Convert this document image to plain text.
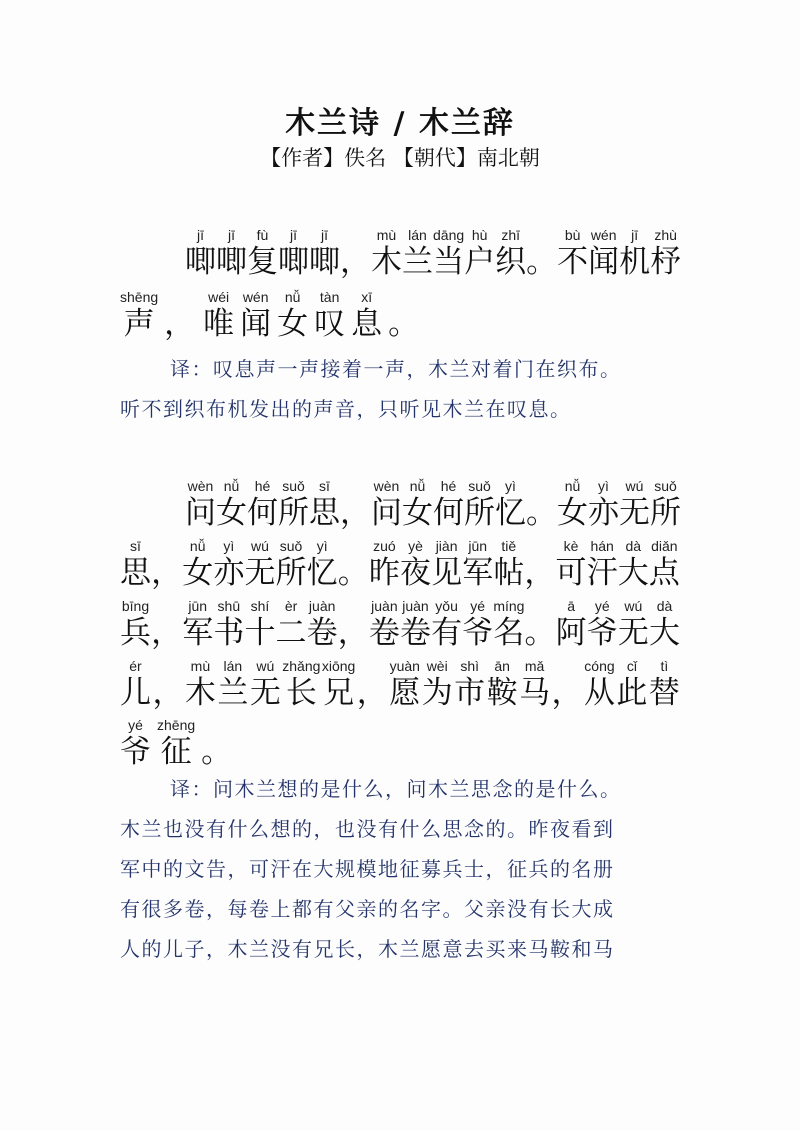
木兰诗 / 木兰辞
【作者】佚名 【朝代】南北朝
jī
唧
jī
唧
fù
复
jī
唧
jī
唧 ，
mù
木
lán
兰
dāng
当
hù
户
zhī
织 。
bù
不
wén
闻
jī
机
zhù
杼
shēng
声 ，
wéi
唯
wén
闻
nǚ
女
tàn
叹
xī
息 。
译：叹息声一声接着一声，木兰对着门在织布。
听不到织布机发出的声音，只听见木兰在叹息。
wèn
问
nǚ
女
hé
何
suǒ
所
sī
思 ，
wèn
问
nǚ
女
hé
何
suǒ
所
yì
忆 。
nǚ
女
yì
亦
wú
无
suǒ
所
sī
思 ，
nǚ
女
yì
亦
wú
无
suǒ
所
yì
忆 。
zuó
昨
yè
夜
jiàn
见
jūn
军
tiě
帖 ，
kè
可
hán
汗
dà
大
diǎn
点
bīng
兵 ，
jūn
军
shū
书
shí
十
èr
二
juàn
卷 ，
juàn
卷
juàn
卷
yǒu
有
yé
爷
míng
名 。
ā
阿
yé
爷
wú
无
dà
大
ér
儿 ，
mù
木
lán
兰
wú
无
zhǎng
长
xiōng
兄 ，
yuàn
愿
wèi
为
shì
市
ān
鞍
mǎ
马 ，
cóng
从
cǐ
此
tì
替
yé
爷
zhēng
征 。
译：问木兰想的是什么，问木兰思念的是什么。
木兰也没有什么想的，也没有什么思念的。昨夜看到
军中的文告，可汗在大规模地征募兵士，征兵的名册
有很多卷，每卷上都有父亲的名字。父亲没有长大成
人的儿子，木兰没有兄长，木兰愿意去买来马鞍和马
